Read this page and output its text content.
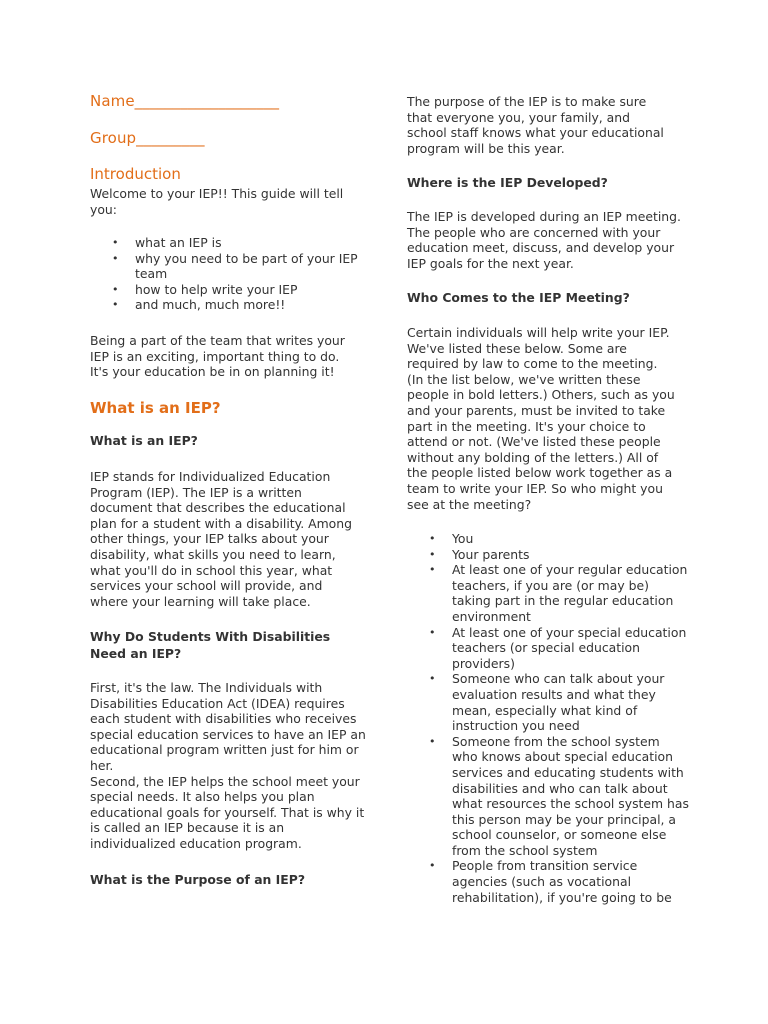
Name___________________
Group_________
Introduction

Welcome to your IEP!! This guide will tell you:

• what an IEP is
• why you need to be part of your IEP team
• how to help write your IEP
• and much, much more!!

Being a part of the team that writes your IEP is an exciting, important thing to do. It's your education be in on planning it!

What is an IEP?
What is an IEP?

IEP stands for Individualized Education Program (IEP). The IEP is a written document that describes the educational plan for a student with a disability. Among other things, your IEP talks about your disability, what skills you need to learn, what you'll do in school this year, what services your school will provide, and where your learning will take place.

Why Do Students With Disabilities Need an IEP?
First, it's the law. The Individuals with Disabilities Education Act (IDEA) requires each student with disabilities who receives special education services to have an IEP an educational program written just for him or her.
Second, the IEP helps the school meet your special needs. It also helps you plan educational goals for yourself. That is why it is called an IEP because it is an individualized education program.
What is the Purpose of an IEP?

The purpose of the IEP is to make sure that everyone you, your family, and school staff knows what your educational program will be this year.

Where is the IEP Developed?

The IEP is developed during an IEP meeting. The people who are concerned with your education meet, discuss, and develop your IEP goals for the next year.

Who Comes to the IEP Meeting?

Certain individuals will help write your IEP. We've listed these below. Some are required by law to come to the meeting. (In the list below, we've written these people in bold letters.) Others, such as you and your parents, must be invited to take part in the meeting. It's your choice to attend or not. (We've listed these people without any bolding of the letters.) All of the people listed below work together as a team to write your IEP. So who might you see at the meeting?

• You
• Your parents
• At least one of your regular education teachers, if you are (or may be) taking part in the regular education environment
• At least one of your special education teachers (or special education providers)
• Someone who can talk about your evaluation results and what they mean, especially what kind of instruction you need
• Someone from the school system who knows about special education services and educating students with disabilities and who can talk about what resources the school system has this person may be your principal, a school counselor, or someone else from the school system
• People from transition service agencies (such as vocational rehabilitation), if you're going to be
